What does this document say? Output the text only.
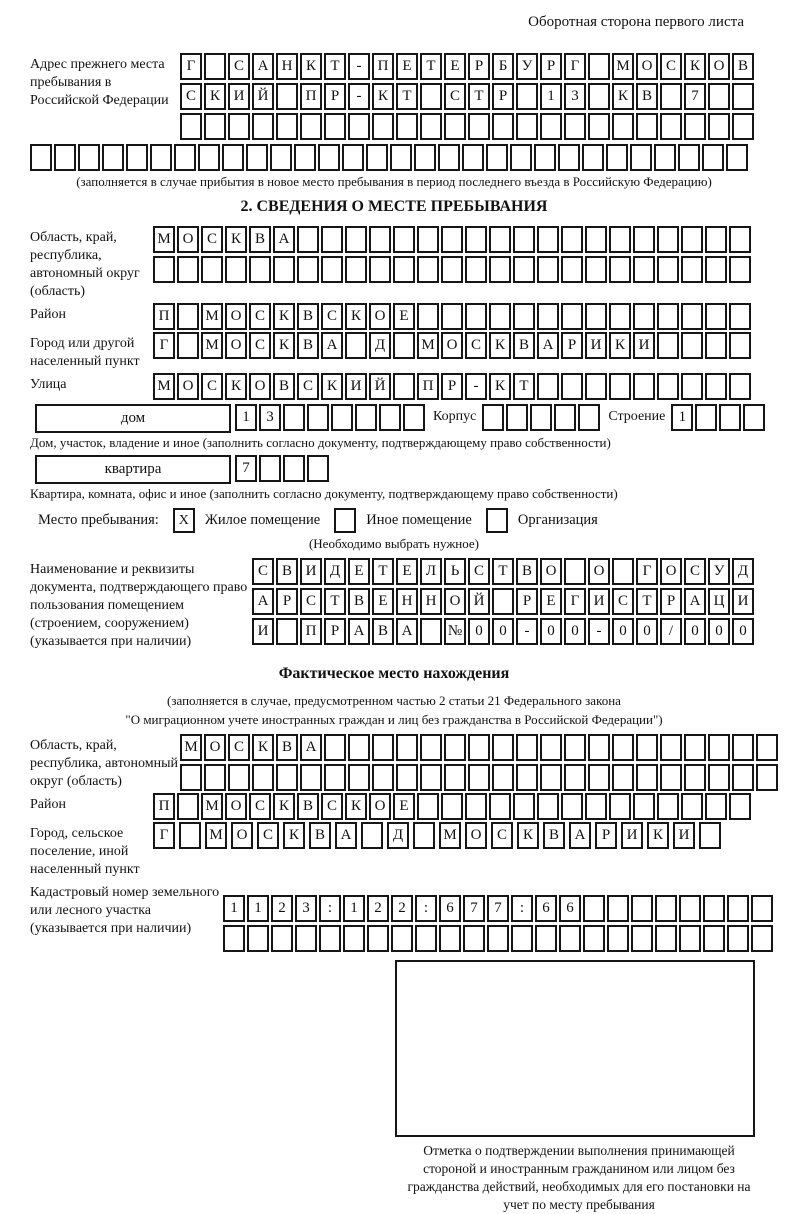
Оборотная сторона первого листа
Адрес прежнего места пребывания в Российской Федерации
Г	С А Н К Т	-	П Е Т Е	Р	Б У Р	Г	М О С К О В
С К И Й	П Р	-	К Т	С Т	Р	1	3	К В	7
(заполняется в случае прибытия в новое место пребывания в период последнего въезда в Российскую Федерацию)
2. СВЕДЕНИЯ О МЕСТЕ ПРЕБЫВАНИЯ
Область, край, республика, автономный округ (область)
М О С К В А
Район	П	М О С К В С К О Е
Город или другой населенный пункт
Г	М О С К В А	Д	М О С К В А Р И К И
Улица	М О С К О В С К И Й	П Р	-	К Т
дом	1	3	Корпус	Строение 1
Дом, участок, владение и иное (заполнить согласно документу, подтверждающему право собственности)
квартира	7
Квартира, комната, офис и иное (заполнить согласно документу, подтверждающему право собственности)
Место пребывания:	X	Жилое помещение	Иное помещение	Организация
(Необходимо выбрать нужное)
Наименование и реквизиты документа, подтверждающего право пользования помещением (строением, сооружением) (указывается при наличии)
С В И Д Е Т Е Л Ь С Т В О	О	Г О С У Д
А Р С Т В Е Н Н О Й	Р	Е	Г И С Т	Р А Ц И
И	П Р А В А	№ 0	0	-	0	0	-	0	0	/	0	0	0
Фактическое место нахождения
(заполняется в случае, предусмотренном частью 2 статьи 21 Федерального закона
"О миграционном учете иностранных граждан и лиц без гражданства в Российской Федерации")
Область, край, республика, автономный округ (область)
М О С К В А
Район	П	М О С К В С К О Е
Город, сельское поселение, иной населенный пункт
Г	М О	С	К	В	А	Д	М О	С	К	В	А	Р	И	К	И
Кадастровый номер земельного или лесного участка (указывается при наличии)
1	1	2	3	:	1	2	2	:	6	7	7	:	6	6
Отметка о подтверждении выполнения принимающей стороной и иностранным гражданином или лицом без гражданства действий, необходимых для его постановки на учет по месту пребывания
